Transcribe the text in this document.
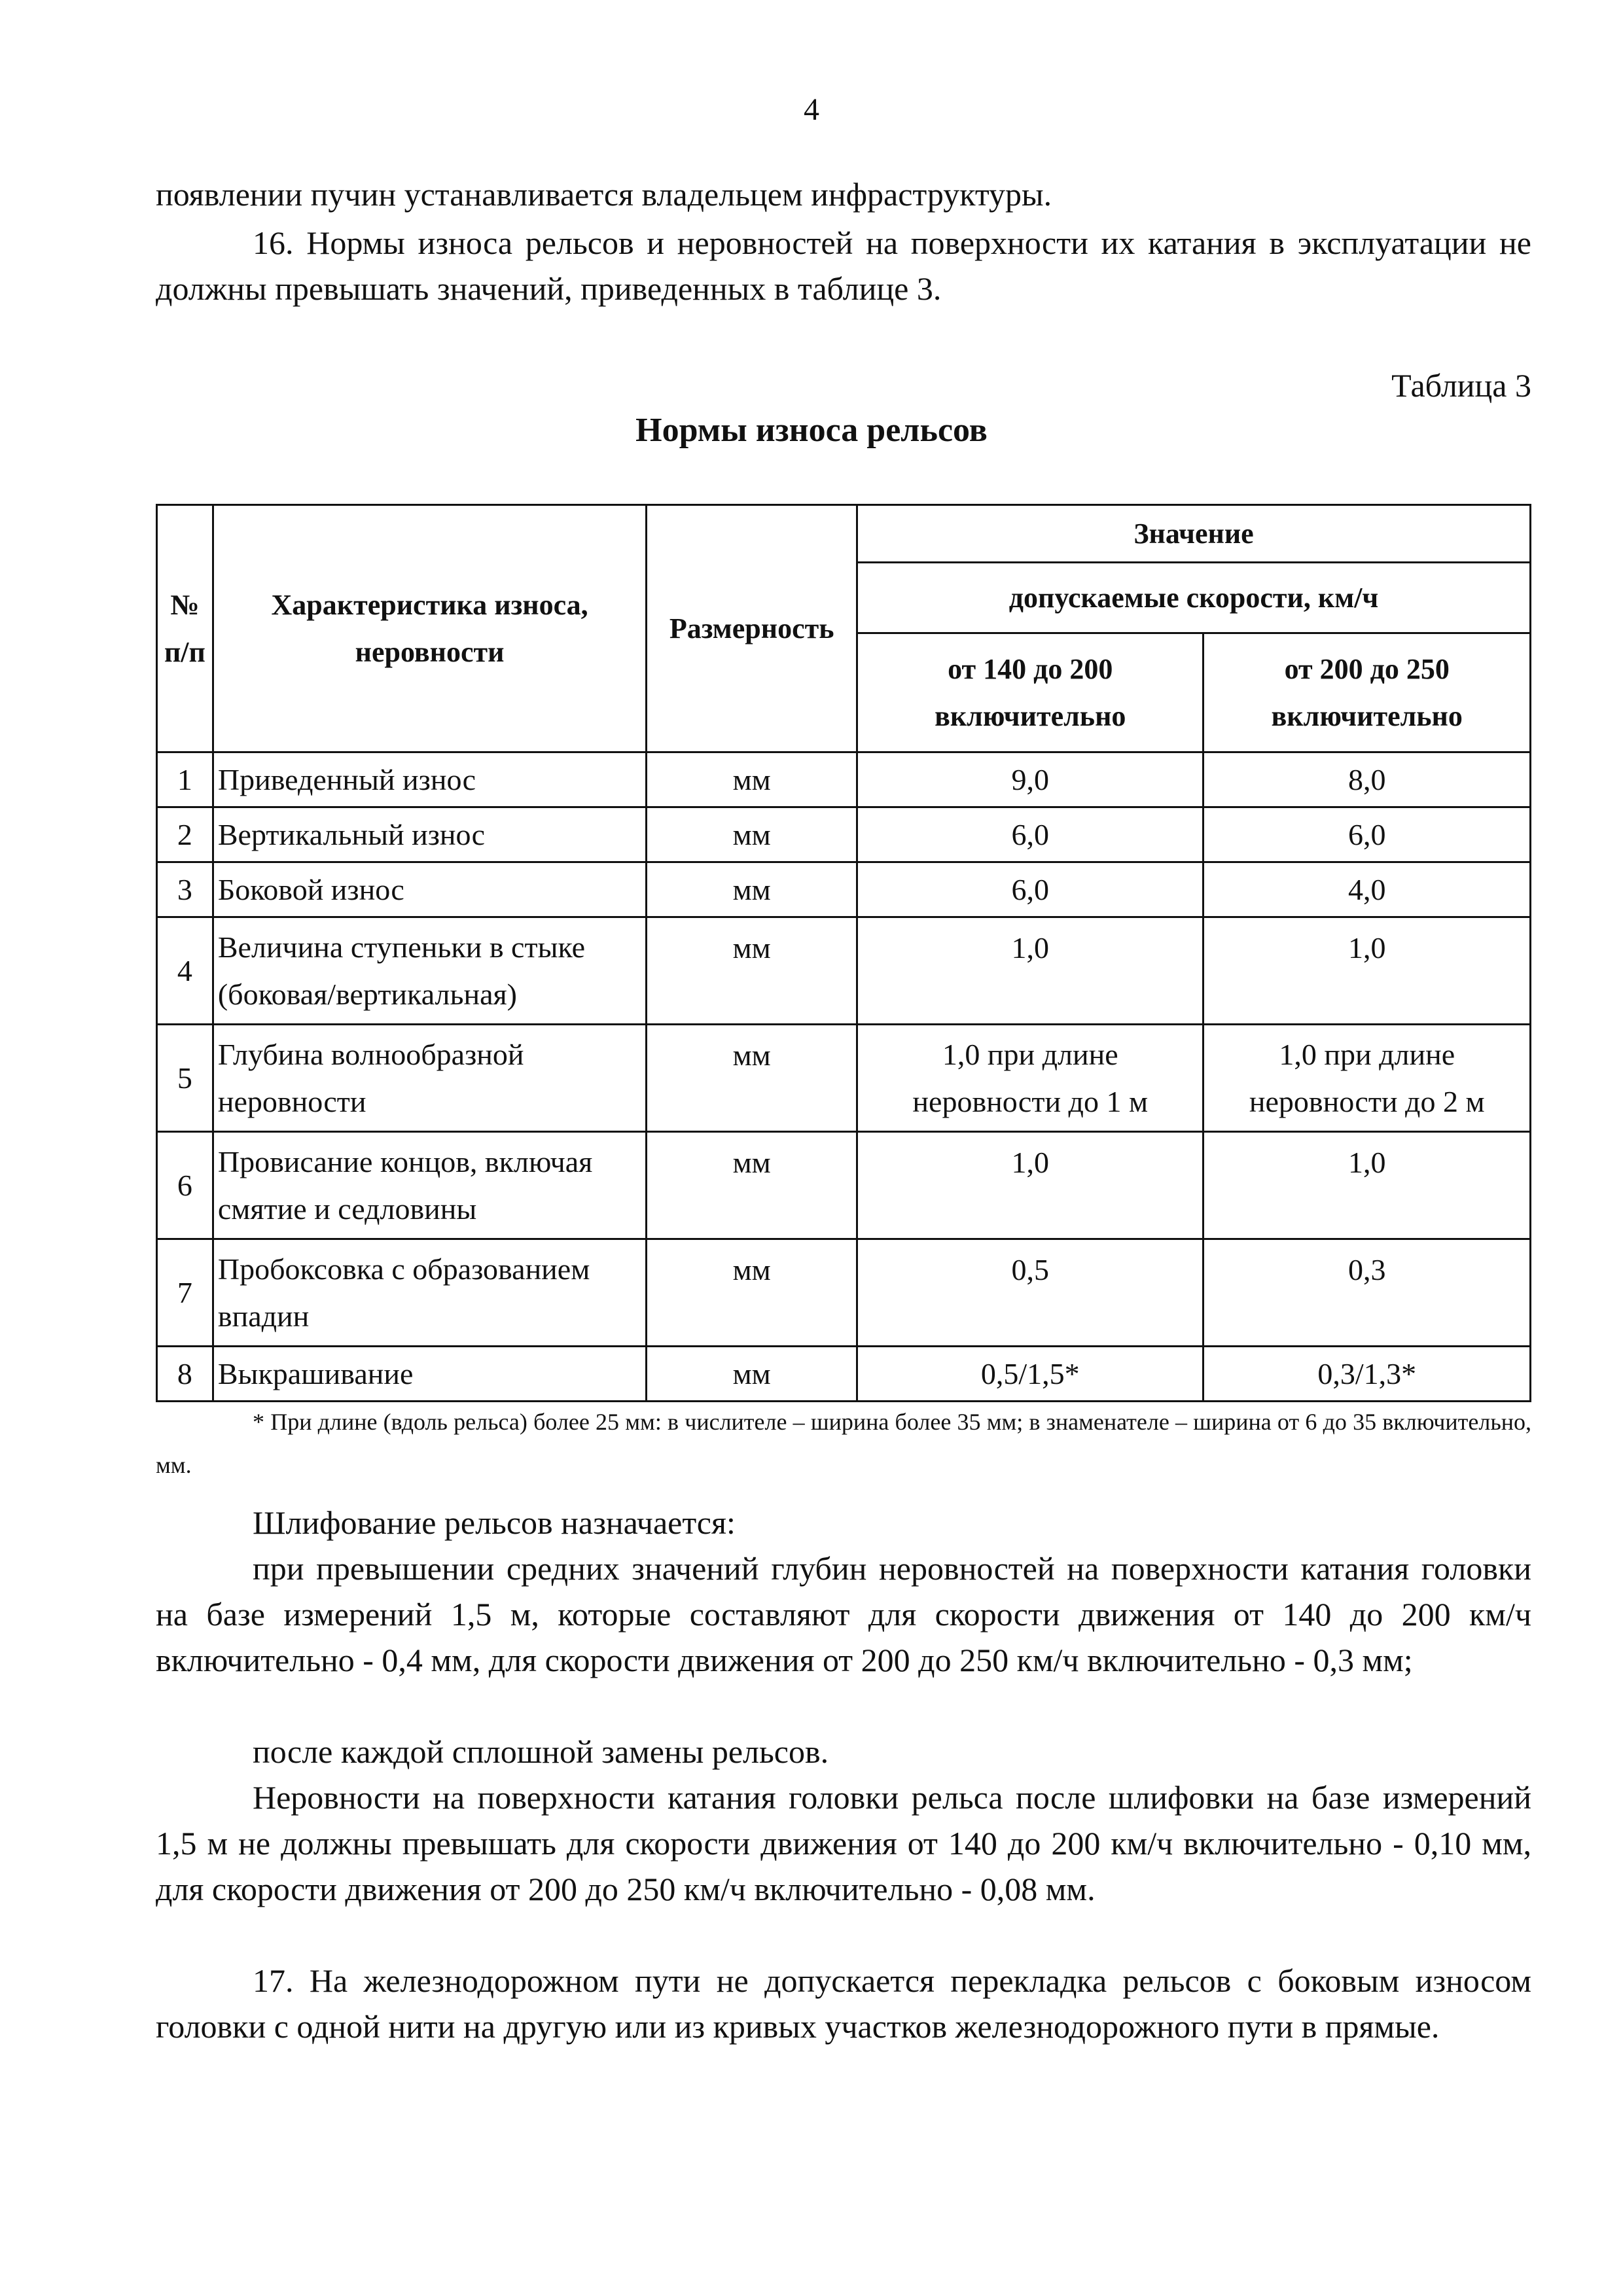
4
появлении пучин устанавливается владельцем инфраструктуры.
16. Нормы износа рельсов и неровностей на поверхности их катания в эксплуатации не должны превышать значений, приведенных в таблице 3.
Таблица 3
Нормы износа рельсов
№ п/п	Характеристика износа, неровности	Размерность	Значение	
			допускаемые скорости, км/ч	
			от 140 до 200 включительно	от 200 до 250 включительно
1	Приведенный износ	мм	9,0	8,0
2	Вертикальный износ	мм	6,0	6,0
3	Боковой износ	мм	6,0	4,0
4	Величина ступеньки в стыке (боковая/вертикальная)	мм	1,0	1,0
5	Глубина волнообразной неровности	мм	1,0 при длине неровности до 1 м	1,0 при длине неровности до 2 м
6	Провисание концов, включая смятие и седловины	мм	1,0	1,0
7	Пробоксовка с образованием впадин	мм	0,5	0,3
8	Выкрашивание	мм	0,5/1,5*	0,3/1,3*
* При длине (вдоль рельса) более 25 мм: в числителе – ширина более 35 мм; в знаменателе – ширина от 6 до 35 включительно, мм.
Шлифование рельсов назначается:
при превышении средних значений глубин неровностей на поверхности катания головки на базе измерений 1,5 м, которые составляют для скорости движения от 140 до 200 км/ч включительно - 0,4 мм, для скорости движения от 200 до 250 км/ч включительно - 0,3 мм;
после каждой сплошной замены рельсов.
Неровности на поверхности катания головки рельса после шлифовки на базе измерений 1,5 м не должны превышать для скорости движения от 140 до 200 км/ч включительно - 0,10 мм, для скорости движения от 200 до 250 км/ч включительно - 0,08 мм.
17. На железнодорожном пути не допускается перекладка рельсов с боковым износом головки с одной нити на другую или из кривых участков железнодорожного пути в прямые.
